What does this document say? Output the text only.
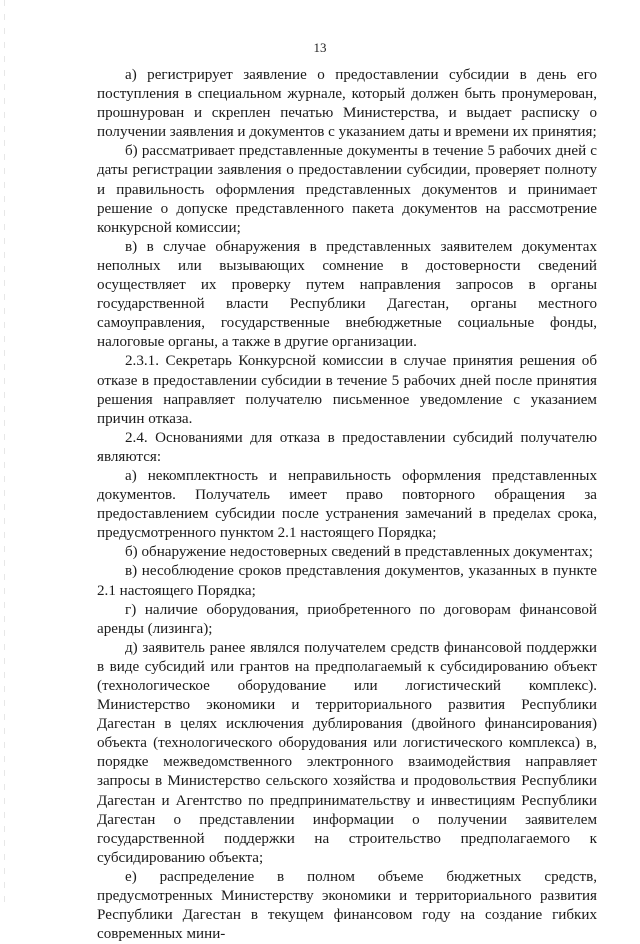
13

а) регистрирует заявление о предоставлении субсидии в день его поступления в специальном журнале, который должен быть пронумерован, прошнурован и скреплен печатью Министерства, и выдает расписку о получении заявления и документов с указанием даты и времени их принятия;

б) рассматривает представленные документы в течение 5 рабочих дней с даты регистрации заявления о предоставлении субсидии, проверяет полноту и правильность оформления представленных документов и принимает решение о допуске представленного пакета документов на рассмотрение конкурсной комиссии;

в) в случае обнаружения в представленных заявителем документах неполных или вызывающих сомнение в достоверности сведений осуществляет их проверку путем направления запросов в органы государственной власти Республики Дагестан, органы местного самоуправления, государственные внебюджетные социальные фонды, налоговые органы, а также в другие организации.

2.3.1. Секретарь Конкурсной комиссии в случае принятия решения об отказе в предоставлении субсидии в течение 5 рабочих дней после принятия решения направляет получателю письменное уведомление с указанием причин отказа.

2.4. Основаниями для отказа в предоставлении субсидий получателю являются:

а) некомплектность и неправильность оформления представленных документов. Получатель имеет право повторного обращения за предоставлением субсидии после устранения замечаний в пределах срока, предусмотренного пунктом 2.1 настоящего Порядка;

б) обнаружение недостоверных сведений в представленных документах;

в) несоблюдение сроков представления документов, указанных в пункте 2.1 настоящего Порядка;

г) наличие оборудования, приобретенного по договорам финансовой аренды (лизинга);

д) заявитель ранее являлся получателем средств финансовой поддержки в виде субсидий или грантов на предполагаемый к субсидированию объект (технологическое оборудование или логистический комплекс). Министерство экономики и территориального развития Республики Дагестан в целях исключения дублирования (двойного финансирования) объекта (технологического оборудования или логистического комплекса) в, порядке межведомственного электронного взаимодействия направляет запросы в Министерство сельского хозяйства и продовольствия Республики Дагестан и Агентство по предпринимательству и инвестициям Республики Дагестан о представлении информации о получении заявителем государственной поддержки на строительство предполагаемого к субсидированию объекта;

е) распределение в полном объеме бюджетных средств, предусмотренных Министерству экономики и территориального развития Республики Дагестан в текущем финансовом году на создание гибких современных мини-
